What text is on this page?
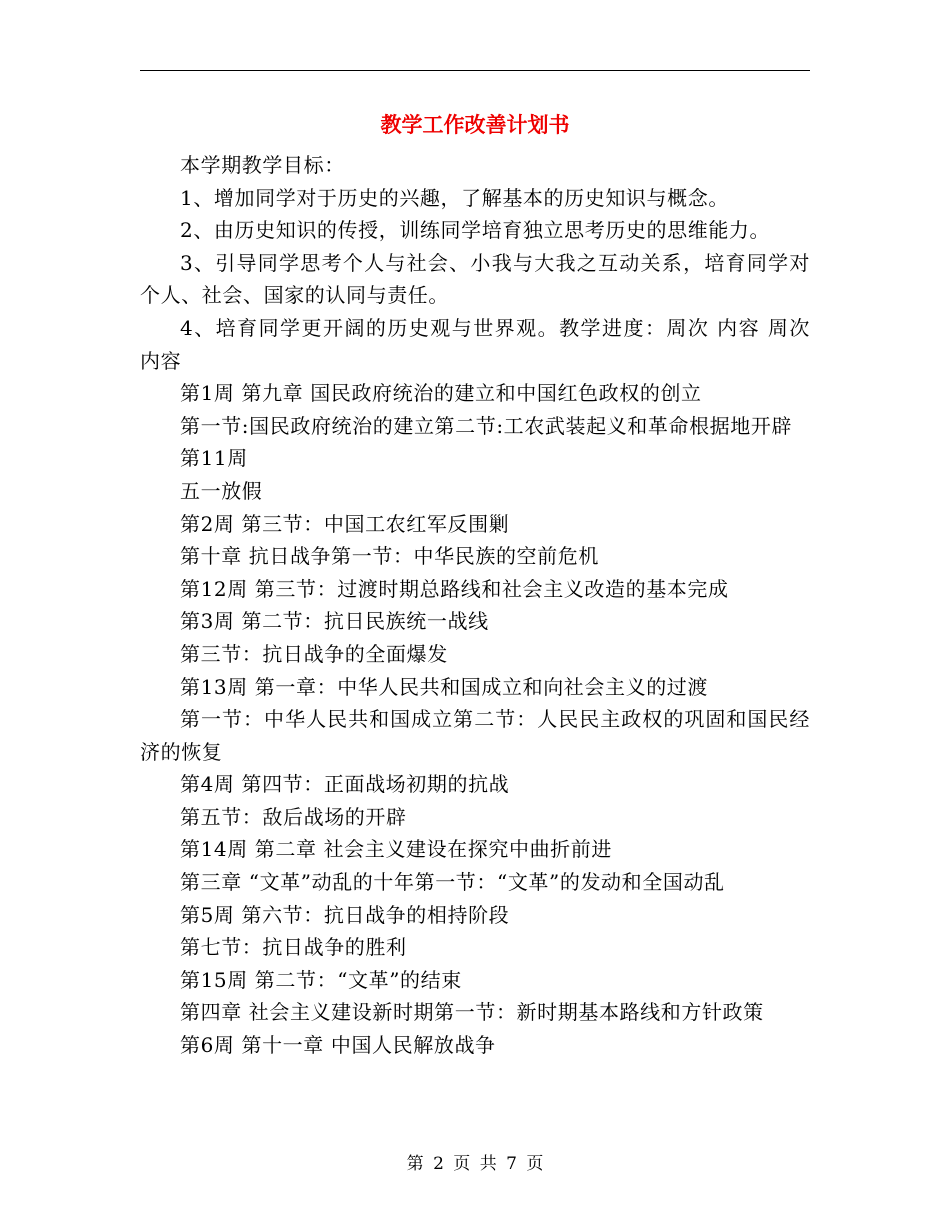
教学工作改善计划书

本学期教学目标：

1、增加同学对于历史的兴趣，了解基本的历史知识与概念。

2、由历史知识的传授，训练同学培育独立思考历史的思维能力。

3、引导同学思考个人与社会、小我与大我之互动关系，培育同学对个人、社会、国家的认同与责任。

4、培育同学更开阔的历史观与世界观。教学进度：周次 内容 周次 内容

第1周 第九章 国民政府统治的建立和中国红色政权的创立

第一节:国民政府统治的建立第二节:工农武装起义和革命根据地开辟

第11周

五一放假

第2周 第三节：中国工农红军反围剿

第十章 抗日战争第一节：中华民族的空前危机

第12周 第三节：过渡时期总路线和社会主义改造的基本完成

第3周 第二节：抗日民族统一战线

第三节：抗日战争的全面爆发

第13周 第一章：中华人民共和国成立和向社会主义的过渡

第一节：中华人民共和国成立第二节：人民民主政权的巩固和国民经济的恢复

第4周 第四节：正面战场初期的抗战

第五节：敌后战场的开辟

第14周 第二章 社会主义建设在探究中曲折前进

第三章 “文革”动乱的十年第一节：“文革”的发动和全国动乱

第5周 第六节：抗日战争的相持阶段

第七节：抗日战争的胜利

第15周 第二节：“文革”的结束

第四章 社会主义建设新时期第一节：新时期基本路线和方针政策

第6周 第十一章 中国人民解放战争

第 2 页 共 7 页
